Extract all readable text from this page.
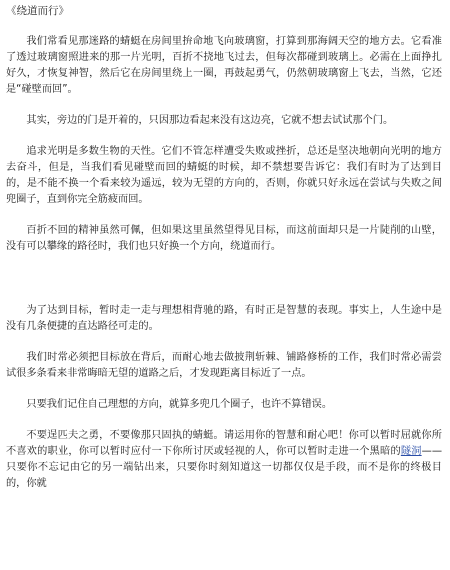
《绕道而行》

我们常看见那迷路的蜻蜓在房间里拚命地飞向玻璃窗，打算到那海阔天空的地方去。它看准了透过玻璃窗照进来的那一片光明，百折不挠地飞过去，但每次都碰到玻璃上。必需在上面挣扎好久，才恢复神智，然后它在房间里绕上一圈，再鼓起勇气，仍然朝玻璃窗上飞去，当然，它还是“碰壁而回”。

其实，旁边的门是开着的，只因那边看起来没有这边亮，它就不想去试试那个门。

追求光明是多数生物的天性。它们不管怎样遭受失败或挫折，总还是坚决地朝向光明的地方去奋斗，但是，当我们看见碰壁而回的蜻蜓的时候，却不禁想要告诉它：我们有时为了达到目的，是不能不换一个看来较为遥远，较为无望的方向的，否则，你就只好永远在尝试与失败之间兜圈子，直到你完全筋疲而回。

百折不回的精神虽然可佩，但如果这里虽然望得见目标，而这前面却只是一片陡削的山壁，没有可以攀缘的路径时，我们也只好换一个方向，绕道而行。

为了达到目标，暂时走一走与理想相背驰的路，有时正是智慧的表现。事实上，人生途中是没有几条便捷的直达路径可走的。

我们时常必须把目标放在背后，而耐心地去做披荆斩棘、铺路修桥的工作，我们时常必需尝试很多条看来非常晦暗无望的道路之后，才发现距离目标近了一点。

只要我们记住自己理想的方向，就算多兜几个圈子，也许不算错误。

不要逞匹夫之勇，不要像那只固执的蜻蜓。请运用你的智慧和耐心吧！你可以暂时屈就你所不喜欢的职业，你可以暂时应付一下你所讨厌或轻视的人，你可以暂时走进一个黑暗的隧洞——只要你不忘记由它的另一端钻出来，只要你时刻知道这一切都仅仅是手段，而不是你的终极目的，你就
